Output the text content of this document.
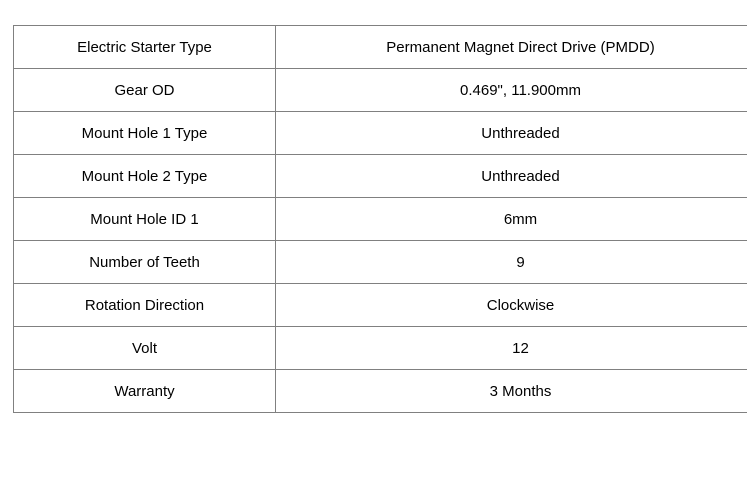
Electric Starter Type	Permanent Magnet Direct Drive (PMDD)
Gear OD	0.469", 11.900mm
Mount Hole 1 Type	Unthreaded
Mount Hole 2 Type	Unthreaded
Mount Hole ID 1	6mm
Number of Teeth	9
Rotation Direction	Clockwise
Volt	12
Warranty	3 Months
